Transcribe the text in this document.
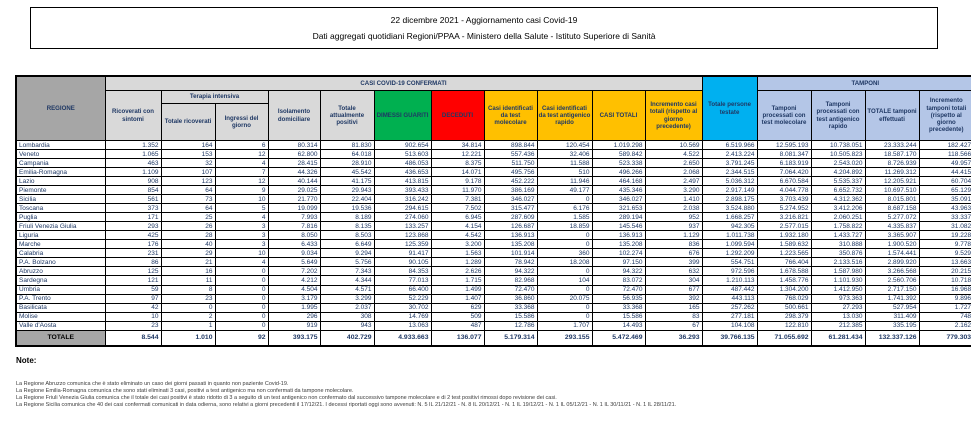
22 dicembre 2021 - Aggiornamento casi Covid-19
Dati aggregati quotidiani Regioni/PPAA - Ministero della Salute - Istituto Superiore di Sanità
REGIONE	CASI COVID-19 CONFERMATI											Totale persone testate	TAMPONI			
	Ricoverati con sintomi	Terapia intensiva		Isolamento domiciliare	Totale attualmente positivi	DIMESSI GUARITI	DECEDUTI	Casi identificati da test molecolare	Casi identificati da test antigenico rapido	CASI TOTALI	Incremento casi totali (rispetto al giorno precedente)		Tamponi processati con test molecolare	Tamponi processati con test antigenico rapido	TOTALE tamponi effettuati	Incremento tamponi totali (rispetto al giorno precedente)
		Totale ricoverati	Ingressi del giorno													
Lombardia	1.352	164	6	80.314	81.830	902.654	34.814	898.844	120.454	1.019.298	10.569	6.519.966	12.595.193	10.738.051	23.333.244	182.427
Veneto	1.065	153	12	62.800	64.018	513.603	12.221	557.436	32.406	589.842	4.522	2.413.224	8.081.347	10.505.823	18.587.170	118.566
Campania	463	32	4	28.415	28.910	486.053	8.375	511.750	11.588	523.338	2.650	3.791.245	6.183.919	2.543.020	8.726.939	49.957
Emilia-Romagna	1.109	107	7	44.326	45.542	436.653	14.071	495.756	510	496.266	2.068	2.344.515	7.064.420	4.204.892	11.269.312	44.415
Lazio	908	123	12	40.144	41.175	413.815	9.178	452.222	11.946	464.168	2.497	5.036.312	6.670.584	5.535.337	12.205.921	60.704
Piemonte	854	64	9	29.025	29.943	393.433	11.970	386.169	49.177	435.346	3.290	2.917.149	4.044.778	6.652.732	10.697.510	65.129
Sicilia	561	73	10	21.770	22.404	316.242	7.381	346.027	0	346.027	1.410	2.898.175	3.703.439	4.312.362	8.015.801	35.091
Toscana	373	64	5	19.099	19.536	294.615	7.502	315.477	6.176	321.653	2.038	3.524.880	5.274.952	3.412.206	8.687.158	43.963
Puglia	171	25	4	7.993	8.189	274.060	6.945	287.609	1.585	289.194	952	1.668.257	3.216.821	2.060.251	5.277.072	33.337
Friuli Venezia Giulia	293	26	3	7.816	8.135	133.257	4.154	126.687	18.859	145.546	937	942.305	2.577.015	1.758.822	4.335.837	31.082
Liguria	425	28	3	8.050	8.503	123.868	4.542	136.913	0	136.913	1.129	1.011.738	1.932.180	1.433.727	3.365.907	19.228
Marche	176	40	3	6.433	6.649	125.359	3.200	135.208	0	135.208	836	1.099.594	1.589.632	310.888	1.900.520	9.778
Calabria	231	29	10	9.034	9.294	91.417	1.563	101.914	360	102.274	676	1.292.209	1.223.565	350.876	1.574.441	9.529
P.A. Bolzano	86	21	4	5.649	5.756	90.105	1.289	78.942	18.208	97.150	399	554.751	766.404	2.133.516	2.899.920	13.663
Abruzzo	125	16	0	7.202	7.343	84.353	2.626	94.322	0	94.322	632	972.596	1.678.588	1.587.980	3.266.568	20.215
Sardegna	121	11	0	4.212	4.344	77.013	1.715	82.968	104	83.072	304	1.210.113	1.458.776	1.101.930	2.560.706	10.718
Umbria	59	8	0	4.504	4.571	66.400	1.499	72.470	0	72.470	677	487.442	1.304.200	1.412.950	2.717.150	16.968
P.A. Trento	97	23	0	3.179	3.299	52.229	1.407	36.860	20.075	56.935	392	443.113	768.029	973.363	1.741.392	9.896
Basilicata	42	0	0	1.995	2.037	30.702	629	33.368	0	33.368	165	257.262	500.661	27.293	527.954	1.727
Molise	10	2	0	296	308	14.769	509	15.586	0	15.586	83	277.181	298.379	13.030	311.409	748
Valle d'Aosta	23	1	0	919	943	13.063	487	12.786	1.707	14.493	67	104.108	122.810	212.385	335.195	2.162
TOTALE	8.544	1.010	92	393.175	402.729	4.933.663	136.077	5.179.314	293.155	5.472.469	36.293	39.766.135	71.055.692	61.281.434	132.337.126	779.303
Note:
La Regione Abruzzo comunica che è stato eliminato un caso dei giorni passati in quanto non paziente Covid-19.
La Regione Emilia-Romagna comunica che sono stati eliminati 3 casi, positivi a test antigenico ma non confermati da tampone molecolare.
La Regione Friuli Venezia Giulia comunica che il totale dei casi positivi è stato ridotto di 3 a seguito di un test antigenico non confermato dal successivo tampone molecolare e di 2 test positivi rimossi dopo revisione dei casi.
La Regione Sicilia comunica che 40 dei casi confermati comunicati in data odierna, sono relativi a giorni precedenti il 17/12/21. I decessi riportati oggi sono avvenuti: N. 5 IL 21/12/21 - N. 8 IL 20/12/21 - N. 1 IL 19/12/21 - N. 1 IL 05/12/21 - N. 1 IL 30/11/21 - N. 1 IL 28/11/21.
